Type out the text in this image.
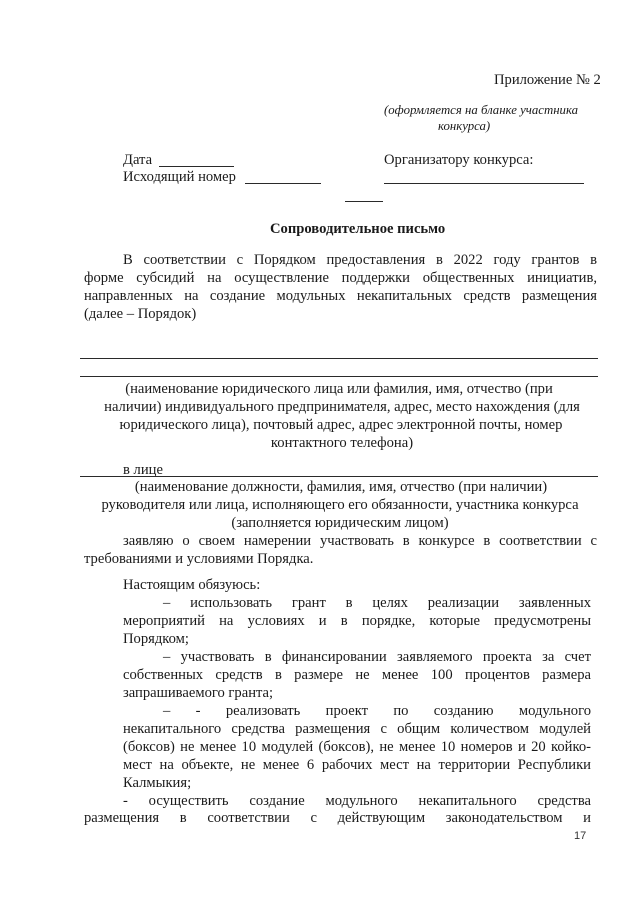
Приложение № 2
(оформляется на бланке участника
конкурса)
Дата
Исходящий номер
Организатору конкурса:
Сопроводительное письмо
В соответствии с Порядком предоставления в 2022 году грантов в
форме субсидий на осуществление поддержки общественных инициатив,
направленных на создание модульных некапитальных средств размещения
(далее – Порядок)
(наименование юридического лица или фамилия, имя, отчество (при
наличии) индивидуального предпринимателя, адрес, место нахождения (для
юридического лица), почтовый адрес, адрес электронной почты, номер
контактного телефона)
в лице
(наименование должности, фамилия, имя, отчество (при наличии)
руководителя или лица, исполняющего его обязанности, участника конкурса
(заполняется юридическим лицом)
заявляю о своем намерении участвовать в конкурсе в соответствии с
требованиями и условиями Порядка.
Настоящим обязуюсь:
– использовать грант в целях реализации заявленных
мероприятий на условиях и в порядке, которые предусмотрены
Порядком;
– участвовать в финансировании заявляемого проекта за счет
собственных средств в размере не менее 100 процентов размера
запрашиваемого гранта;
– - реализовать проект по созданию модульного
некапитального средства размещения с общим количеством модулей
(боксов) не менее 10 модулей (боксов), не менее 10 номеров и 20 койко-
мест на объекте, не менее 6 рабочих мест на территории Республики
Калмыкия;
- осуществить создание модульного некапитального средства
размещения в соответствии с действующим законодательством и
17
